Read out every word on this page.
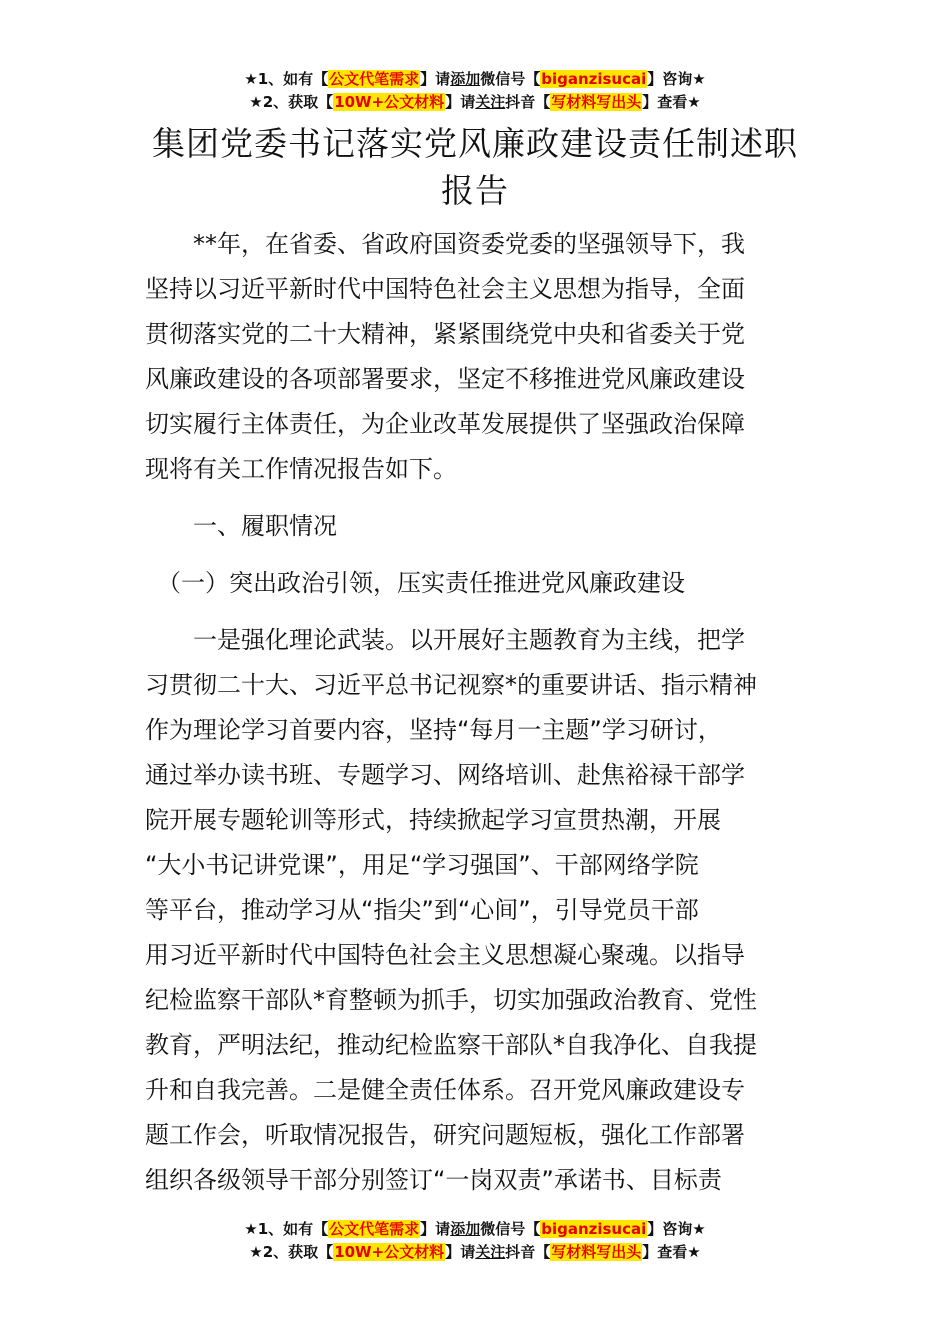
★1、如有【公文代笔需求】请添加微信号【biganzisucai】咨询★
★2、获取【10W+公文材料】请关注抖音【写材料写出头】查看★
集团党委书记落实党风廉政建设责任制述职
报告
　　**年，在省委、省政府国资委党委的坚强领导下，我
坚持以习近平新时代中国特色社会主义思想为指导，全面
贯彻落实党的二十大精神，紧紧围绕党中央和省委关于党
风廉政建设的各项部署要求，坚定不移推进党风廉政建设
切实履行主体责任，为企业改革发展提供了坚强政治保障
现将有关工作情况报告如下。
　　一、履职情况
　（一）突出政治引领，压实责任推进党风廉政建设
　　一是强化理论武装。以开展好主题教育为主线，把学
习贯彻二十大、习近平总书记视察*的重要讲话、指示精神
作为理论学习首要内容，坚持“每月一主题”学习研讨，
通过举办读书班、专题学习、网络培训、赴焦裕禄干部学
院开展专题轮训等形式，持续掀起学习宣贯热潮，开展
“大小书记讲党课”，用足“学习强国”、干部网络学院
等平台，推动学习从“指尖”到“心间”，引导党员干部
用习近平新时代中国特色社会主义思想凝心聚魂。以指导
纪检监察干部队*育整顿为抓手，切实加强政治教育、党性
教育，严明法纪，推动纪检监察干部队*自我净化、自我提
升和自我完善。二是健全责任体系。召开党风廉政建设专
题工作会，听取情况报告，研究问题短板，强化工作部署
组织各级领导干部分别签订“一岗双责”承诺书、目标责
★1、如有【公文代笔需求】请添加微信号【biganzisucai】咨询★
★2、获取【10W+公文材料】请关注抖音【写材料写出头】查看★
